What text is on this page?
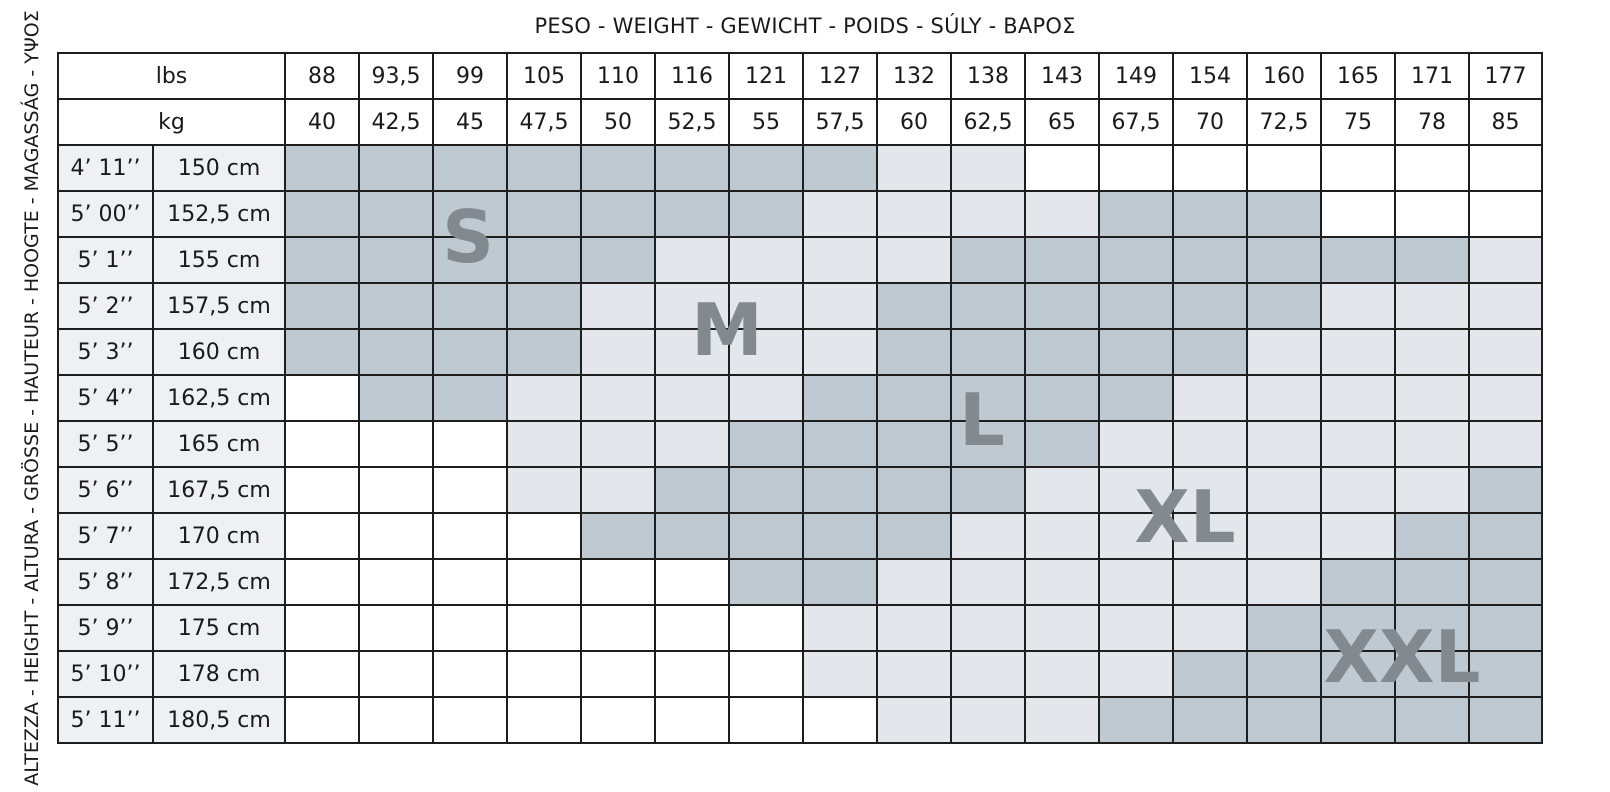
PESO - WEIGHT - GEWICHT - POIDS - SÚLY - ΒΑΡΟΣ
ALTEZZA - HEIGHT - ALTURA - GRÖSSE - HAUTEUR - HOOGTE - MAGASSÁG - ΥΨΟΣ	lbs		88	93,5	99	105	110	116	121	127	132	138	143	149	154	160	165	171	177
kg		40	42,5	45	47,5	50	52,5	55	57,5	60	62,5	65	67,5	70	72,5	75	78	85
4’ 11’’	150 cm																	
5’ 00’’	152,5 cm																	
5’ 1’’	155 cm																	
5’ 2’’	157,5 cm																	
5’ 3’’	160 cm																	
5’ 4’’	162,5 cm																	
5’ 5’’	165 cm																	
5’ 6’’	167,5 cm																	
5’ 7’’	170 cm																	
5’ 8’’	172,5 cm																	
5’ 9’’	175 cm																	
5’ 10’’	178 cm																	
5’ 11’’	180,5 cm																	
S
M
L
XL
XXL
